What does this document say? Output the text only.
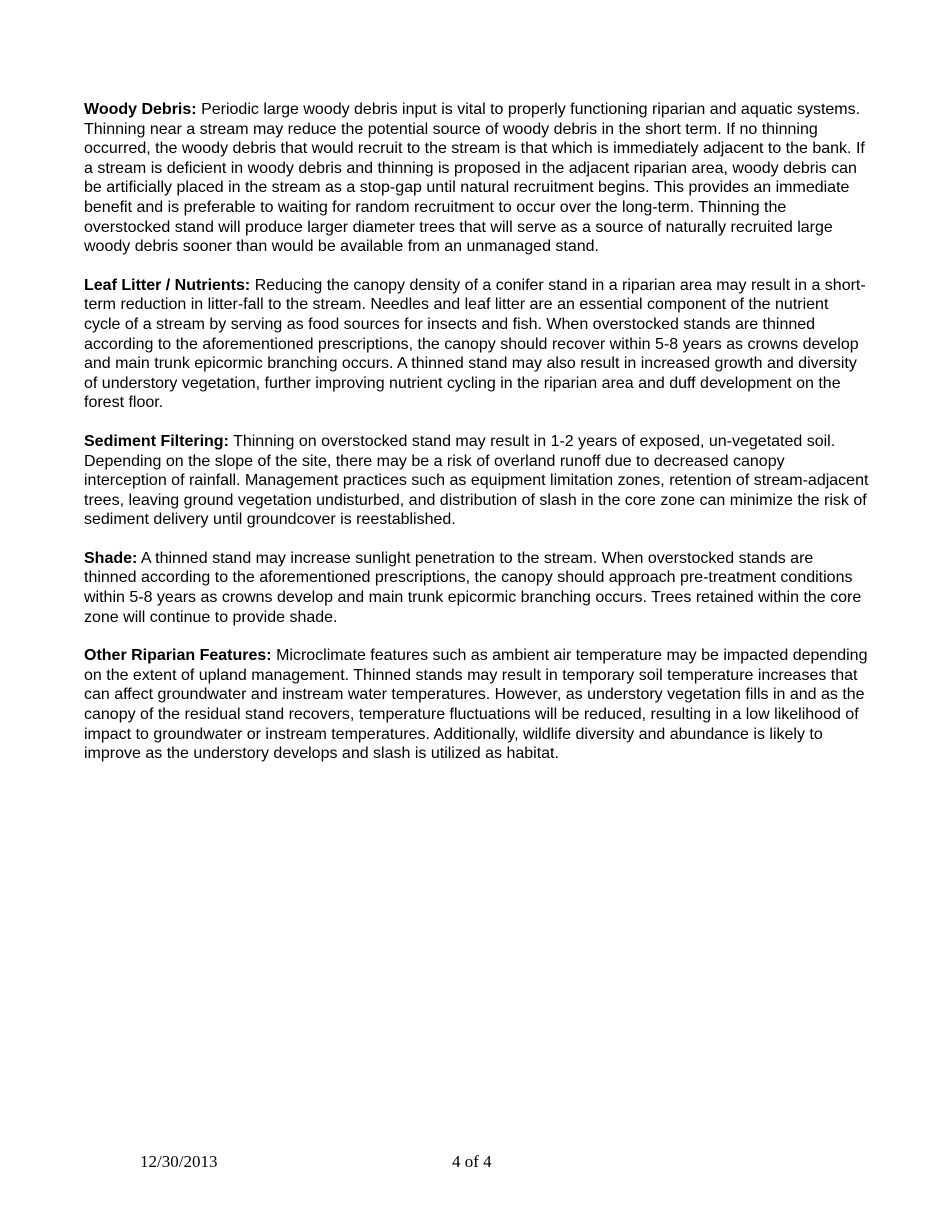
Woody Debris: Periodic large woody debris input is vital to properly functioning riparian and aquatic systems. Thinning near a stream may reduce the potential source of woody debris in the short term. If no thinning occurred, the woody debris that would recruit to the stream is that which is immediately adjacent to the bank. If a stream is deficient in woody debris and thinning is proposed in the adjacent riparian area, woody debris can be artificially placed in the stream as a stop-gap until natural recruitment begins. This provides an immediate benefit and is preferable to waiting for random recruitment to occur over the long-term. Thinning the overstocked stand will produce larger diameter trees that will serve as a source of naturally recruited large woody debris sooner than would be available from an unmanaged stand.

Leaf Litter / Nutrients: Reducing the canopy density of a conifer stand in a riparian area may result in a short-term reduction in litter-fall to the stream. Needles and leaf litter are an essential component of the nutrient cycle of a stream by serving as food sources for insects and fish. When overstocked stands are thinned according to the aforementioned prescriptions, the canopy should recover within 5-8 years as crowns develop and main trunk epicormic branching occurs. A thinned stand may also result in increased growth and diversity of understory vegetation, further improving nutrient cycling in the riparian area and duff development on the forest floor.

Sediment Filtering: Thinning on overstocked stand may result in 1-2 years of exposed, un-vegetated soil. Depending on the slope of the site, there may be a risk of overland runoff due to decreased canopy interception of rainfall. Management practices such as equipment limitation zones, retention of stream-adjacent trees, leaving ground vegetation undisturbed, and distribution of slash in the core zone can minimize the risk of sediment delivery until groundcover is reestablished.

Shade: A thinned stand may increase sunlight penetration to the stream. When overstocked stands are thinned according to the aforementioned prescriptions, the canopy should approach pre-treatment conditions within 5-8 years as crowns develop and main trunk epicormic branching occurs. Trees retained within the core zone will continue to provide shade.

Other Riparian Features: Microclimate features such as ambient air temperature may be impacted depending on the extent of upland management. Thinned stands may result in temporary soil temperature increases that can affect groundwater and instream water temperatures. However, as understory vegetation fills in and as the canopy of the residual stand recovers, temperature fluctuations will be reduced, resulting in a low likelihood of impact to groundwater or instream temperatures. Additionally, wildlife diversity and abundance is likely to improve as the understory develops and slash is utilized as habitat.

12/30/2013	4 of 4
